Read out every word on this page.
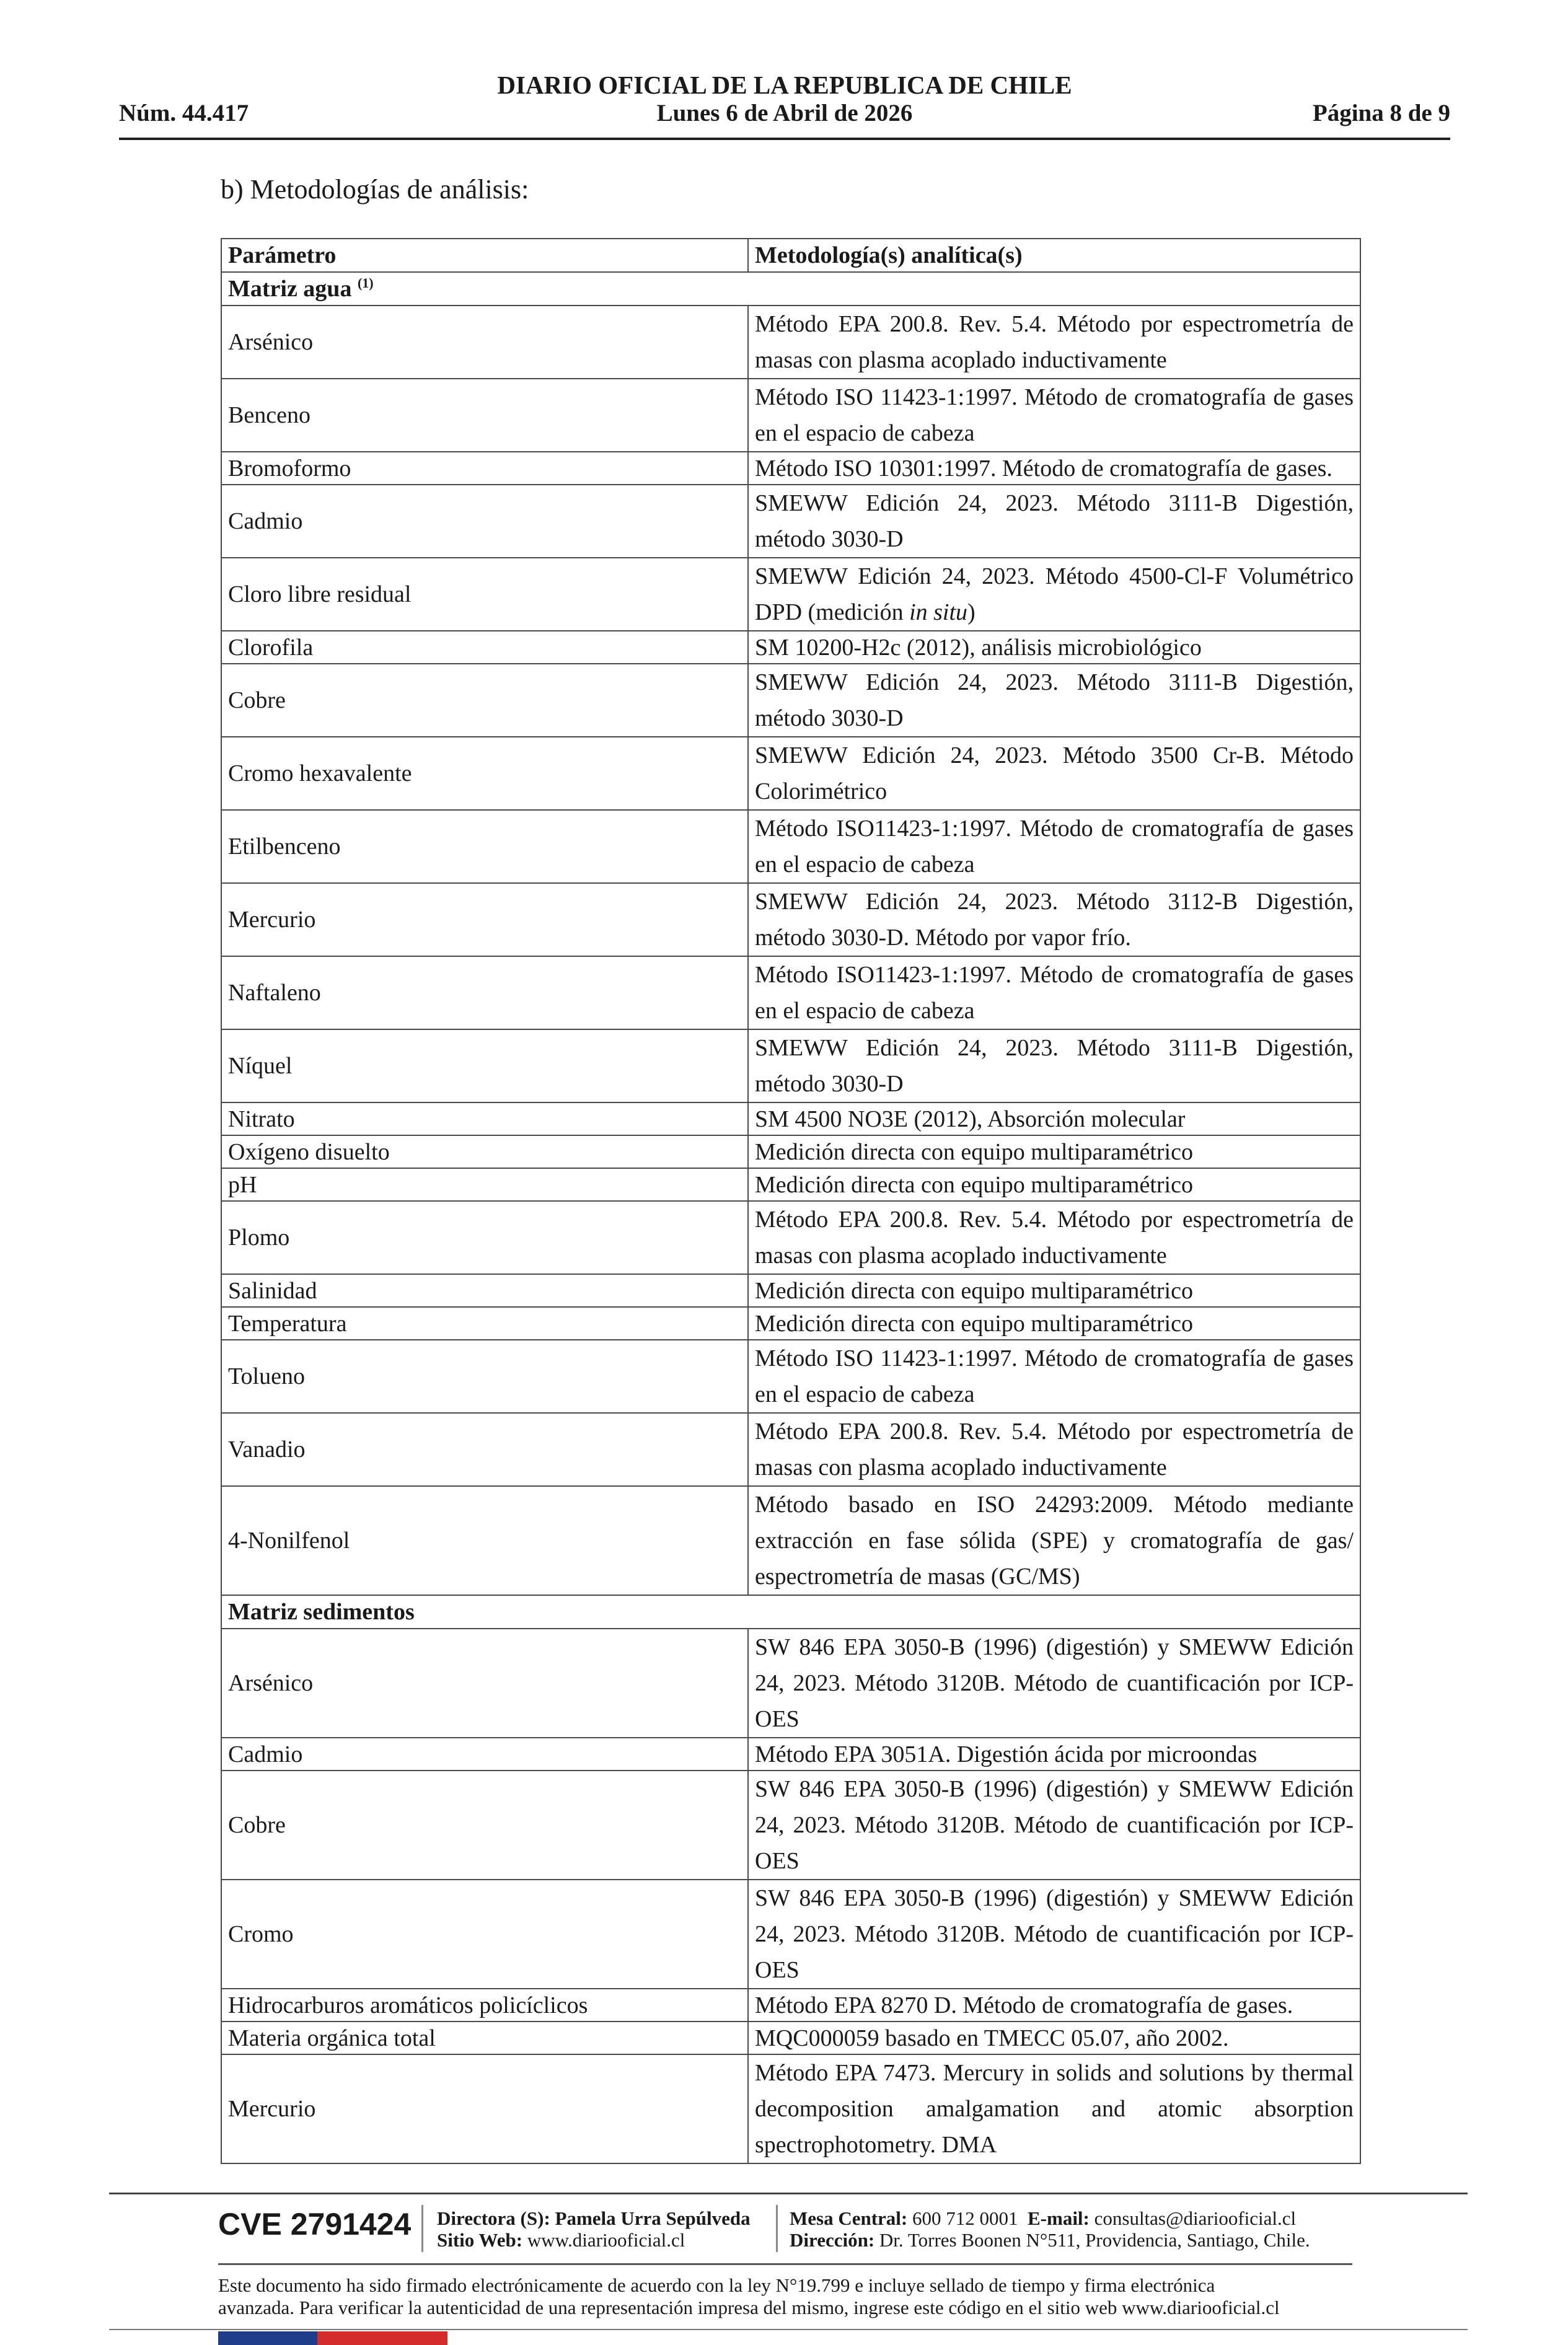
DIARIO OFICIAL DE LA REPUBLICA DE CHILE
Núm. 44.417	Lunes 6 de Abril de 2026	Página 8 de 9
b) Metodologías de análisis:
Parámetro	Metodología(s) analítica(s)
Matriz agua $^{(1)}$
Arsénico	Método EPA 200.8. Rev. 5.4. Método por espectrometría de masas con plasma acoplado inductivamente
Benceno	Método ISO 11423-1:1997. Método de cromatografía de gases en el espacio de cabeza
Bromoformo	Método ISO 10301:1997. Método de cromatografía de gases.
Cadmio	SMEWW Edición 24, 2023. Método 3111-B Digestión, método 3030-D
Cloro libre residual	SMEWW Edición 24, 2023. Método 4500-Cl-F Volumétrico DPD (medición in situ)
Clorofila	SM 10200-H2c (2012), análisis microbiológico
Cobre	SMEWW Edición 24, 2023. Método 3111-B Digestión, método 3030-D
Cromo hexavalente	SMEWW Edición 24, 2023. Método 3500 Cr-B. Método Colorimétrico
Etilbenceno	Método ISO11423-1:1997. Método de cromatografía de gases en el espacio de cabeza
Mercurio	SMEWW Edición 24, 2023. Método 3112-B Digestión, método 3030-D. Método por vapor frío.
Naftaleno	Método ISO11423-1:1997. Método de cromatografía de gases en el espacio de cabeza
Níquel	SMEWW Edición 24, 2023. Método 3111-B Digestión, método 3030-D
Nitrato	SM 4500 NO3E (2012), Absorción molecular
Oxígeno disuelto	Medición directa con equipo multiparamétrico
pH	Medición directa con equipo multiparamétrico
Plomo	Método EPA 200.8. Rev. 5.4. Método por espectrometría de masas con plasma acoplado inductivamente
Salinidad	Medición directa con equipo multiparamétrico
Temperatura	Medición directa con equipo multiparamétrico
Tolueno	Método ISO 11423-1:1997. Método de cromatografía de gases en el espacio de cabeza
Vanadio	Método EPA 200.8. Rev. 5.4. Método por espectrometría de masas con plasma acoplado inductivamente
4-Nonilfenol	Método basado en ISO 24293:2009. Método mediante extracción en fase sólida (SPE) y cromatografía de gas/ espectrometría de masas (GC/MS)
Matriz sedimentos	
Arsénico	SW 846 EPA 3050-B (1996) (digestión) y SMEWW Edición 24, 2023. Método 3120B. Método de cuantificación por ICP-OES
Cadmio	Método EPA 3051A. Digestión ácida por microondas
Cobre	SW 846 EPA 3050-B (1996) (digestión) y SMEWW Edición 24, 2023. Método 3120B. Método de cuantificación por ICP-OES
Cromo	SW 846 EPA 3050-B (1996) (digestión) y SMEWW Edición 24, 2023. Método 3120B. Método de cuantificación por ICP-OES
Hidrocarburos aromáticos policíclicos	Método EPA 8270 D. Método de cromatografía de gases.
Materia orgánica total	MQC000059 basado en TMECC 05.07, año 2002.
Mercurio	Método EPA 7473. Mercury in solids and solutions by thermal decomposition amalgamation and atomic absorption spectrophotometry. DMA
CVE 2791424 Directora (S): Pamela Urra Sepúlveda
Sitio Web: www.diariooficial.cl
Mesa Central: 600 712 0001 E-mail: consultas@diariooficial.cl
Dirección: Dr. Torres Boonen N°511, Providencia, Santiago, Chile.
Este documento ha sido firmado electrónicamente de acuerdo con la ley N°19.799 e incluye sellado de tiempo y firma electrónica
avanzada. Para verificar la autenticidad de una representación impresa del mismo, ingrese este código en el sitio web www.diariooficial.cl
